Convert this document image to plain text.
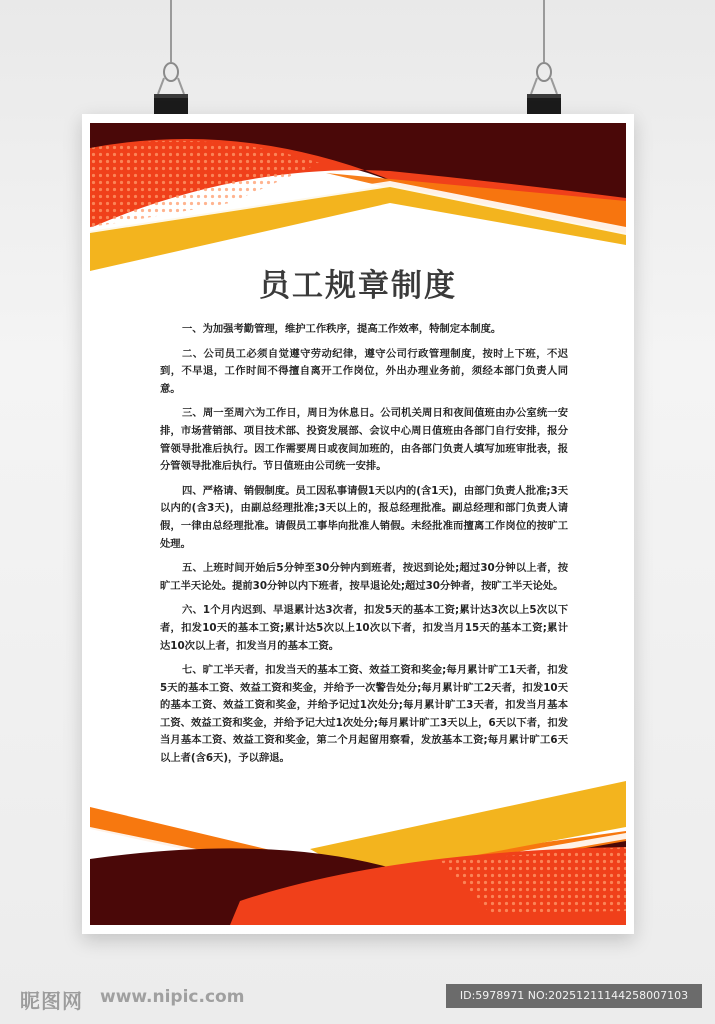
员工规章制度

一、为加强考勤管理，维护工作秩序，提高工作效率，特制定本制度。

二、公司员工必须自觉遵守劳动纪律，遵守公司行政管理制度，按时上下班，不迟到，不早退，工作时间不得擅自离开工作岗位，外出办理业务前，须经本部门负责人同意。

三、周一至周六为工作日，周日为休息日。公司机关周日和夜间值班由办公室统一安排，市场营销部、项目技术部、投资发展部、会议中心周日值班由各部门自行安排，报分管领导批准后执行。因工作需要周日或夜间加班的，由各部门负责人填写加班审批表，报分管领导批准后执行。节日值班由公司统一安排。

四、严格请、销假制度。员工因私事请假1天以内的(含1天)，由部门负责人批准;3天以内的(含3天)，由副总经理批准;3天以上的，报总经理批准。副总经理和部门负责人请假，一律由总经理批准。请假员工事毕向批准人销假。未经批准而擅离工作岗位的按旷工处理。

五、上班时间开始后5分钟至30分钟内到班者，按迟到论处;超过30分钟以上者，按旷工半天论处。提前30分钟以内下班者，按早退论处;超过30分钟者，按旷工半天论处。

六、1个月内迟到、早退累计达3次者，扣发5天的基本工资;累计达3次以上5次以下者，扣发10天的基本工资;累计达5次以上10次以下者，扣发当月15天的基本工资;累计达10次以上者，扣发当月的基本工资。

七、旷工半天者，扣发当天的基本工资、效益工资和奖金;每月累计旷工1天者，扣发5天的基本工资、效益工资和奖金，并给予一次警告处分;每月累计旷工2天者，扣发10天的基本工资、效益工资和奖金，并给予记过1次处分;每月累计旷工3天者，扣发当月基本工资、效益工资和奖金，并给予记大过1次处分;每月累计旷工3天以上，6天以下者，扣发当月基本工资、效益工资和奖金，第二个月起留用察看，发放基本工资;每月累计旷工6天以上者(含6天)，予以辞退。

昵图网 www.nipic.com	ID:5978971 NO:20251211144258007103
